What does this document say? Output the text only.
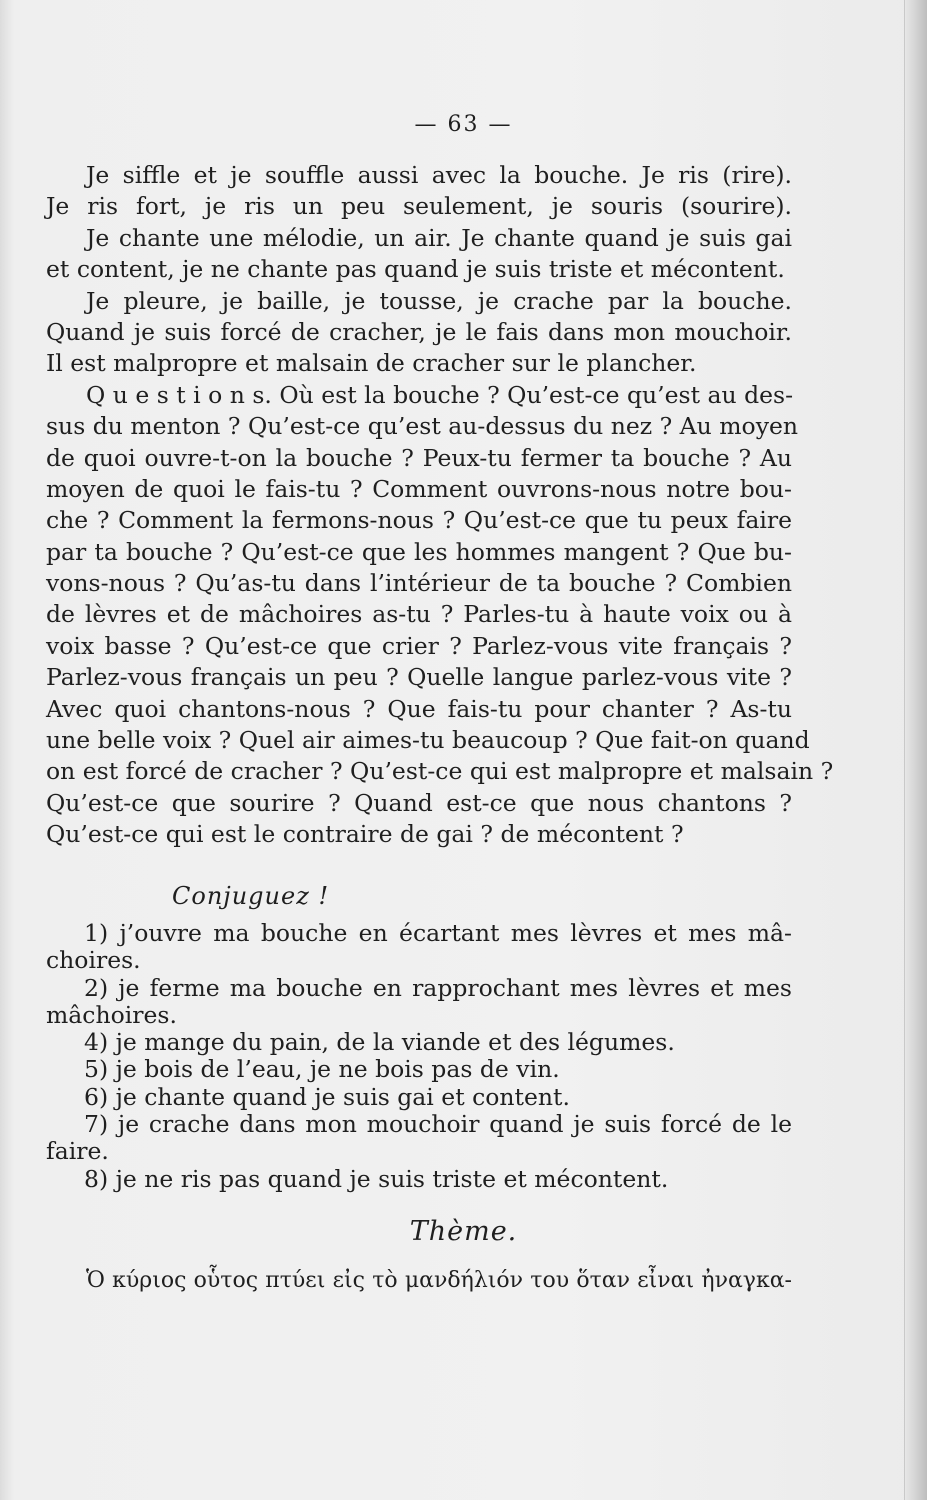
— 63 —
Je siffle et je souffle aussi avec la bouche. Je ris (rire).
Je ris fort, je ris un peu seulement, je souris (sourire).
Je chante une mélodie, un air. Je chante quand je suis gai
et content, je ne chante pas quand je suis triste et mécontent.
Je pleure, je baille, je tousse, je crache par la bouche.
Quand je suis forcé de cracher, je le fais dans mon mouchoir.
Il est malpropre et malsain de cracher sur le plancher.
Q u e s t i o n s. Où est la bouche ? Qu’est-ce qu’est au des-
sus du menton ? Qu’est-ce qu’est au-dessus du nez ? Au moyen
de quoi ouvre-t-on la bouche ? Peux-tu fermer ta bouche ? Au
moyen de quoi le fais-tu ? Comment ouvrons-nous notre bou-
che ? Comment la fermons-nous ? Qu’est-ce que tu peux faire
par ta bouche ? Qu’est-ce que les hommes mangent ? Que bu-
vons-nous ? Qu’as-tu dans l’intérieur de ta bouche ? Combien
de lèvres et de mâchoires as-tu ? Parles-tu à haute voix ou à
voix basse ? Qu’est-ce que crier ? Parlez-vous vite français ?
Parlez-vous français un peu ? Quelle langue parlez-vous vite ?
Avec quoi chantons-nous ? Que fais-tu pour chanter ? As-tu
une belle voix ? Quel air aimes-tu beaucoup ? Que fait-on quand
on est forcé de cracher ? Qu’est-ce qui est malpropre et malsain ?
Qu’est-ce que sourire ? Quand est-ce que nous chantons ?
Qu’est-ce qui est le contraire de gai ? de mécontent ?
Conjuguez !
1) j’ouvre ma bouche en écartant mes lèvres et mes mâ-
choires.
2) je ferme ma bouche en rapprochant mes lèvres et mes
mâchoires.
4) je mange du pain, de la viande et des légumes.
5) je bois de l’eau, je ne bois pas de vin.
6) je chante quand je suis gai et content.
7) je crache dans mon mouchoir quand je suis forcé de le
faire.
8) je ne ris pas quand je suis triste et mécontent.
Thème.
Ὁ κύριος οὗτος πτύει εἰς τὸ μανδήλιόν του ὅταν εἶναι ἠναγκα-
